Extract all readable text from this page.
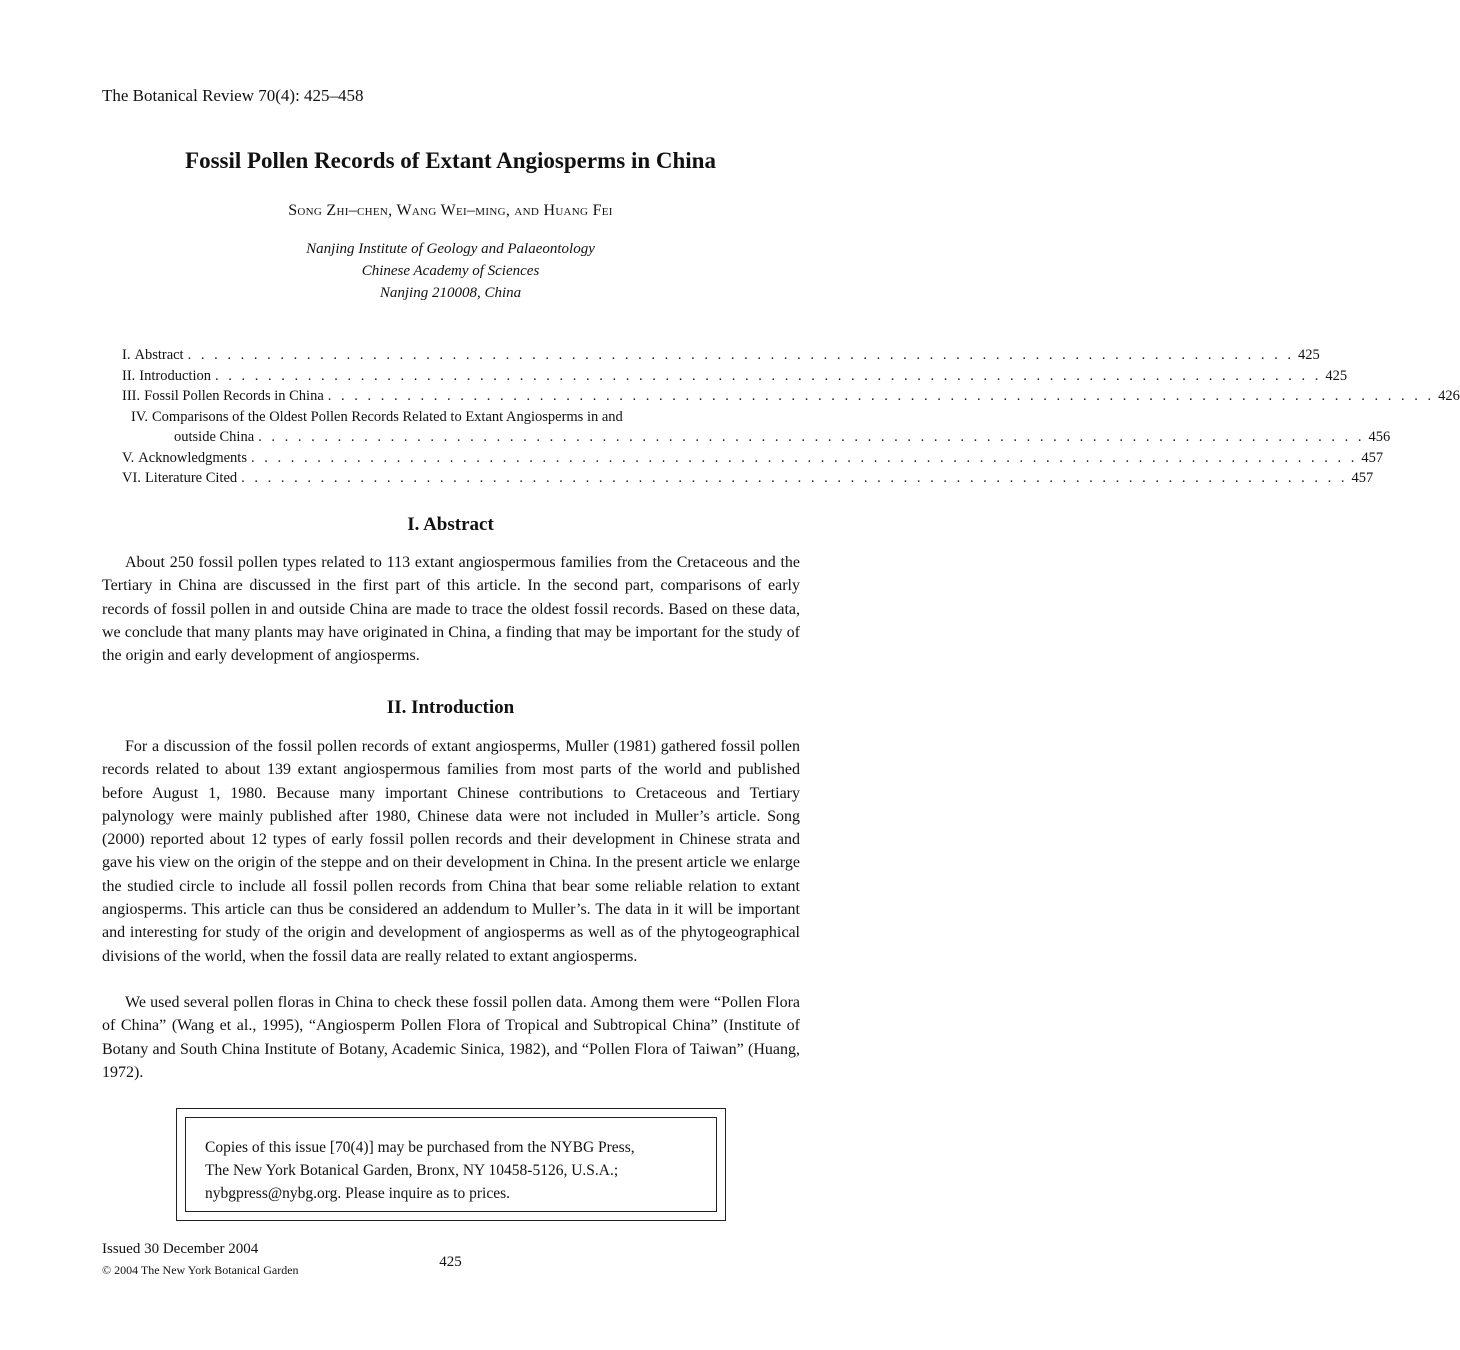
The Botanical Review 70(4): 425–458
Fossil Pollen Records of Extant Angiosperms in China
Song Zhi–chen, Wang Wei–ming, and Huang Fei
Nanjing Institute of Geology and Palaeontology
Chinese Academy of Sciences
Nanjing 210008, China
I. Abstract . . . . . . . . . . . . . . . . . . . . . . . . . . . . . . . . . . . . . . . . . . . . . . . . . . . . . . . . . . . . . . . . . . . . . . . . . . . . . . . . . . . . 425
II. Introduction . . . . . . . . . . . . . . . . . . . . . . . . . . . . . . . . . . . . . . . . . . . . . . . . . . . . . . . . . . . . . . . . . . . . . . . . . . . . . . . . . . . . 425
III. Fossil Pollen Records in China . . . . . . . . . . . . . . . . . . . . . . . . . . . . . . . . . . . . . . . . . . . . . . . . . . . . . . . . . . . . . . . . . . . . . . . . . . . . . . . . . . . . 426
IV. Comparisons of the Oldest Pollen Records Related to Extant Angiosperms in and
outside China . . . . . . . . . . . . . . . . . . . . . . . . . . . . . . . . . . . . . . . . . . . . . . . . . . . . . . . . . . . . . . . . . . . . . . . . . . . . . . . . . . . . 456
V. Acknowledgments . . . . . . . . . . . . . . . . . . . . . . . . . . . . . . . . . . . . . . . . . . . . . . . . . . . . . . . . . . . . . . . . . . . . . . . . . . . . . . . . . . . . 457
VI. Literature Cited . . . . . . . . . . . . . . . . . . . . . . . . . . . . . . . . . . . . . . . . . . . . . . . . . . . . . . . . . . . . . . . . . . . . . . . . . . . . . . . . . . . . 457
I. Abstract

About 250 fossil pollen types related to 113 extant angiospermous families from the Cretaceous and the Tertiary in China are discussed in the first part of this article. In the second part, comparisons of early records of fossil pollen in and outside China are made to trace the oldest fossil records. Based on these data, we conclude that many plants may have originated in China, a finding that may be important for the study of the origin and early development of angiosperms.

II. Introduction

For a discussion of the fossil pollen records of extant angiosperms, Muller (1981) gathered fossil pollen records related to about 139 extant angiospermous families from most parts of the world and published before August 1, 1980. Because many important Chinese contributions to Cretaceous and Tertiary palynology were mainly published after 1980, Chinese data were not included in Muller’s article. Song (2000) reported about 12 types of early fossil pollen records and their development in Chinese strata and gave his view on the origin of the steppe and on their development in China. In the present article we enlarge the studied circle to include all fossil pollen records from China that bear some reliable relation to extant angiosperms. This article can thus be considered an addendum to Muller’s. The data in it will be important and interesting for study of the origin and development of angiosperms as well as of the phytogeographical divisions of the world, when the fossil data are really related to extant angiosperms.

We used several pollen floras in China to check these fossil pollen data. Among them were “Pollen Flora of China” (Wang et al., 1995), “Angiosperm Pollen Flora of Tropical and Subtropical China” (Institute of Botany and South China Institute of Botany, Academic Sinica, 1982), and “Pollen Flora of Taiwan” (Huang, 1972).

Copies of this issue [70(4)] may be purchased from the NYBG Press,
The New York Botanical Garden, Bronx, NY 10458-5126, U.S.A.;
nybgpress@nybg.org. Please inquire as to prices.
Issued 30 December 2004
© 2004 The New York Botanical Garden	425
